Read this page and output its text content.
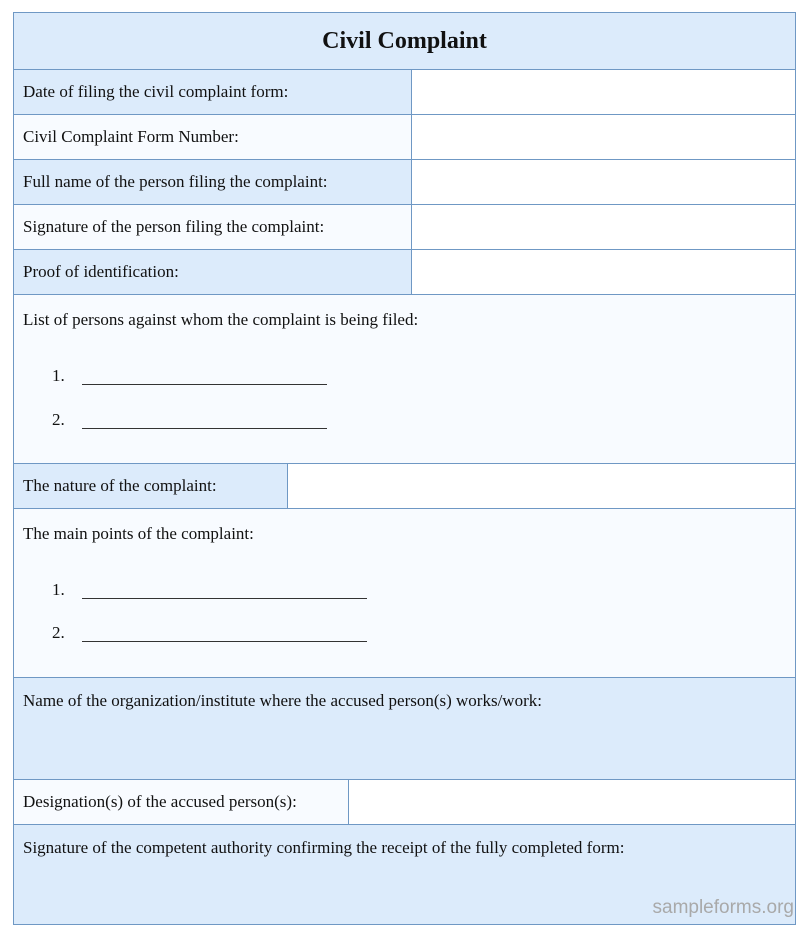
Civil Complaint
Date of filing the civil complaint form:
Civil Complaint Form Number:
Full name of the person filing the complaint:
Signature of the person filing the complaint:
Proof of identification:
List of persons against whom the complaint is being filed:
1.
2.
The nature of the complaint:
The main points of the complaint:
1.
2.
Name of the organization/institute where the accused person(s) works/work:
Designation(s) of the accused person(s):
Signature of the competent authority confirming the receipt of the fully completed form:
sampleforms.org
